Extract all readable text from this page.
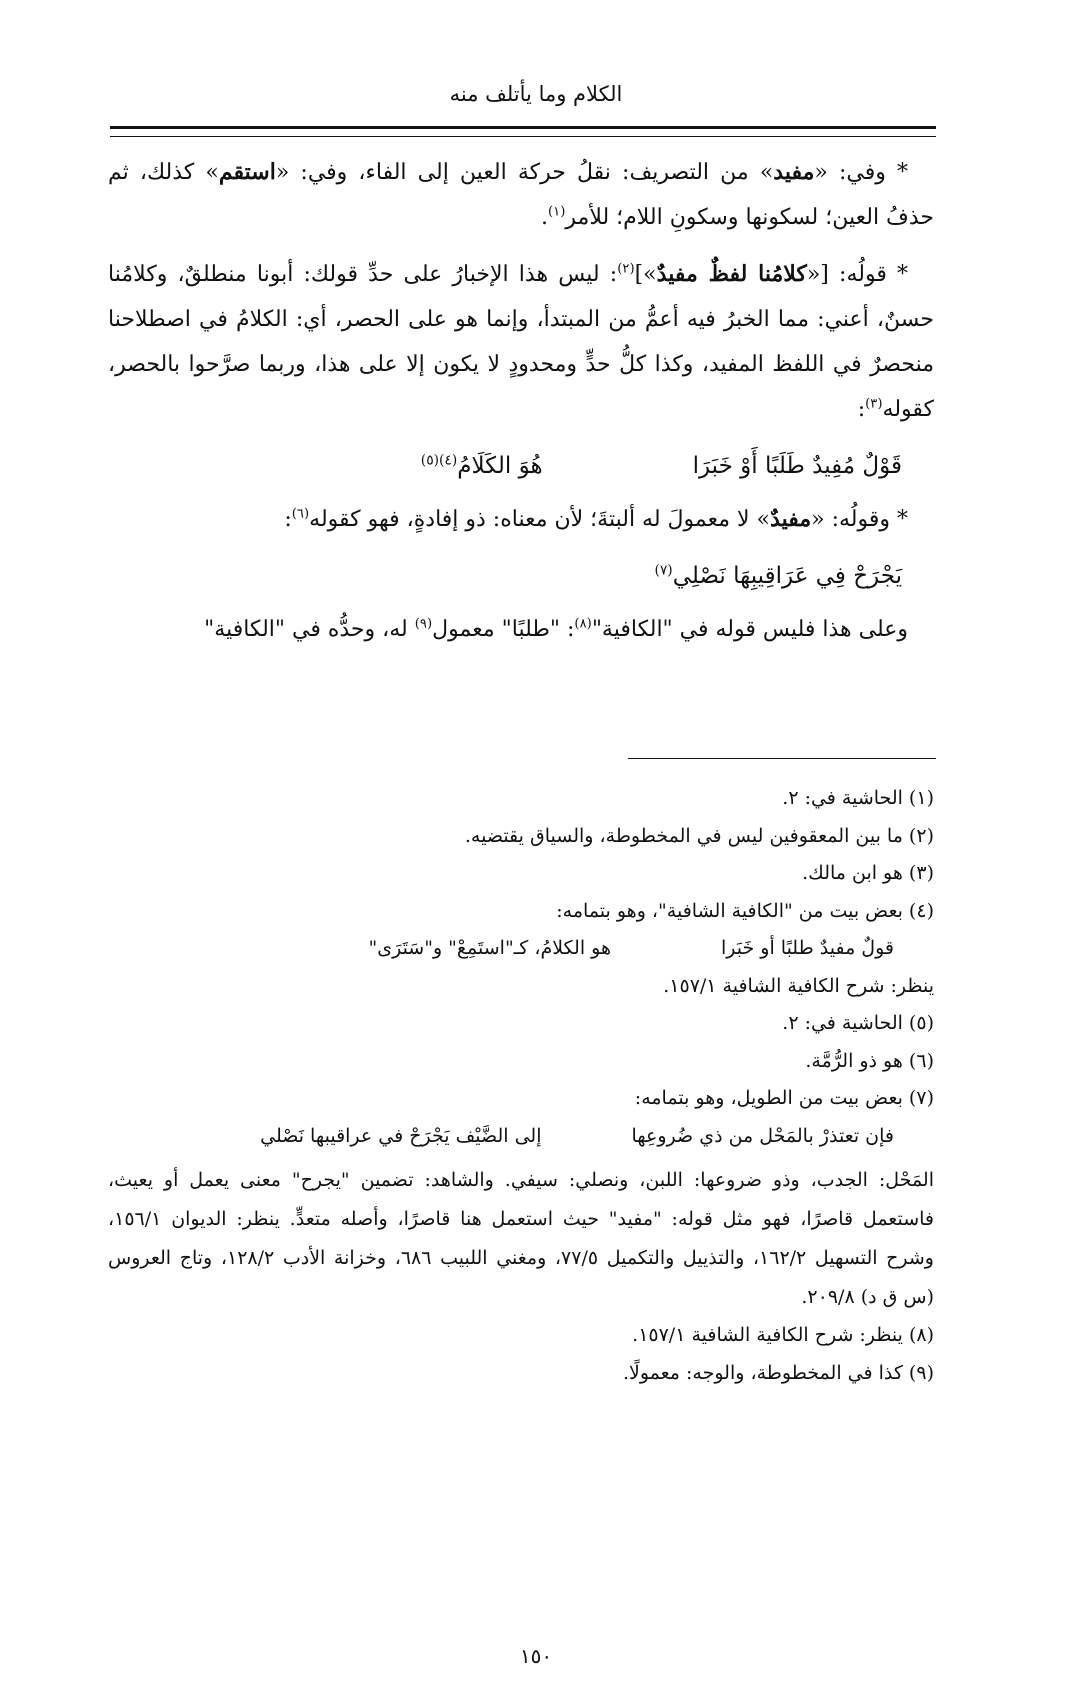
الكلام وما يأتلف منه

* وفي: «مفيد» من التصريف: نقلُ حركة العين إلى الفاء، وفي: «استقم» كذلك، ثم حذفُ العين؛ لسكونها وسكونِ اللام؛ للأمر$^{(١)}$.

* قولُه: [«كلامُنا لفظٌ مفيدٌ»]$^{(٢)}$: ليس هذا الإخبارُ على حدِّ قولك: أبونا منطلقٌ، وكلامُنا حسنٌ، أعني: مما الخبرُ فيه أعمُّ من المبتدأ، وإنما هو على الحصر، أي: الكلامُ في اصطلاحنا منحصرٌ في اللفظ المفيد، وكذا كلُّ حدٍّ ومحدودٍ لا يكون إلا على هذا، وربما صرَّحوا بالحصر، كقوله$^{(٣)}$:

قَوْلٌ مُفِيدٌ طَلَبًا أَوْ خَبَرَا
هُوَ الكَلَامُ$^{(٤)(٥)}$

* وقولُه: «مفيدٌ» لا معمولَ له ألبتةَ؛ لأن معناه: ذو إفادةٍ، فهو كقوله$^{(٦)}$:

يَجْرَحْ فِي عَرَاقِيبِهَا نَصْلِي$^{(٧)}$

وعلى هذا فليس قوله في "الكافية"$^{(٨)}$: "طلبًا" معمول$^{(٩)}$ له، وحدُّه في "الكافية"

(١) الحاشية في: ٢.

(٢) ما بين المعقوفين ليس في المخطوطة، والسياق يقتضيه.

(٣) هو ابن مالك.

(٤) بعض بيت من "الكافية الشافية"، وهو بتمامه:

قولٌ مفيدٌ طلبًا أو خَبَرا
هو الكلامُ، كـ"استَمِعْ" و"سَتَرَى"

ينظر: شرح الكافية الشافية ١٥٧/١.

(٥) الحاشية في: ٢.

(٦) هو ذو الرُّمَّة.

(٧) بعض بيت من الطويل، وهو بتمامه:

فإن تعتذرْ بالمَحْل من ذي ضُروعِها
إلى الضَّيْف يَجْرَحْ في عراقيبها نَصْلي

المَحْل: الجدب، وذو ضروعها: اللبن، ونصلي: سيفي. والشاهد: تضمين "يجرح" معنى يعمل أو يعيث، فاستعمل قاصرًا، فهو مثل قوله: "مفيد" حيث استعمل هنا قاصرًا، وأصله متعدٍّ. ينظر: الديوان ١٥٦/١، وشرح التسهيل ١٦٢/٢، والتذييل والتكميل ٧٧/٥، ومغني اللبيب ٦٨٦، وخزانة الأدب ١٢٨/٢، وتاج العروس (س ق د) ٢٠٩/٨.

(٨) ينظر: شرح الكافية الشافية ١٥٧/١.

(٩) كذا في المخطوطة، والوجه: معمولًا.

١٥٠
